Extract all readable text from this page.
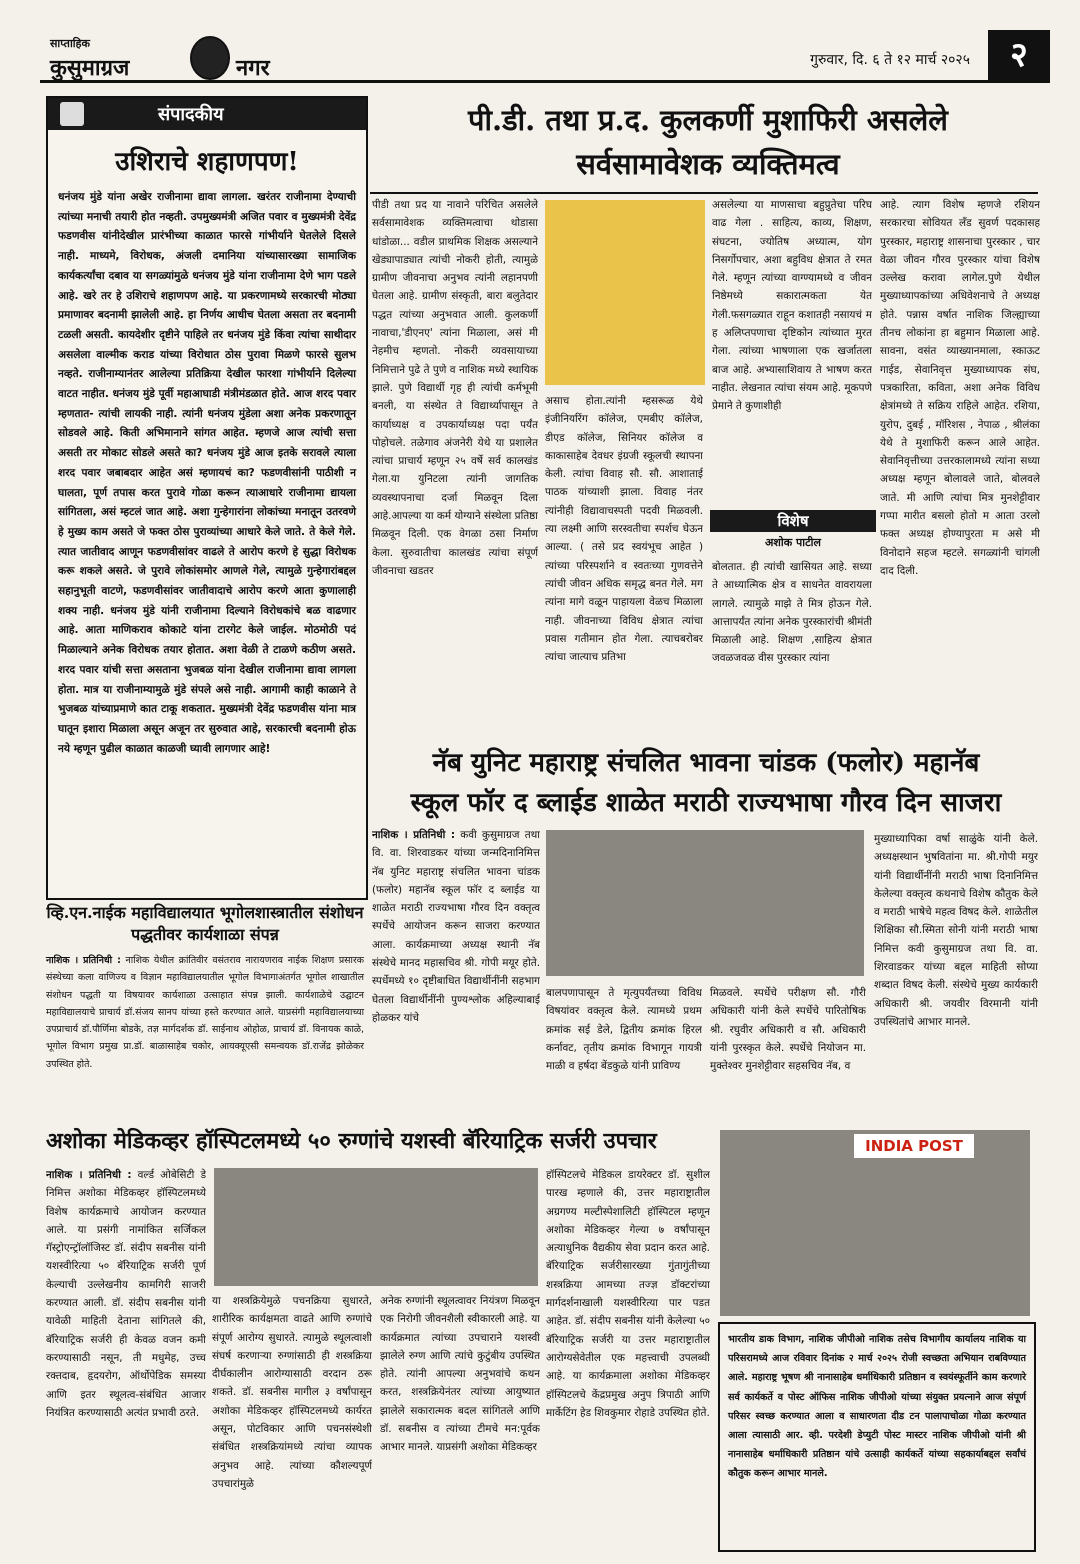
साप्ताहिक
कुसुमाग्रज	नगर	गुरुवार, दि. ६ ते १२ मार्च २०२५	२
संपादकीय
उशिराचे शहाणपण!
धनंजय मुंडे यांना अखेर राजीनामा द्यावा लागला. खरंतर राजीनामा देण्याची त्यांच्या मनाची तयारी होत नव्हती. उपमुख्यमंत्री अजित पवार व मुख्यमंत्री देवेंद्र फडणवीस यांनीदेखील प्रारंभीच्या काळात फारसे गांभीर्याने घेतलेले दिसले नाही. माध्यमे, विरोधक, अंजली दमानिया यांच्यासारख्या सामाजिक कार्यकर्त्यांचा दबाव या सगळ्यांमुळे धनंजय मुंडे यांना राजीनामा देणे भाग पडले आहे. खरे तर हे उशिराचे शहाणपण आहे. या प्रकरणामध्ये सरकारची मोठ्या प्रमाणावर बदनामी झालेली आहे. हा निर्णय आधीच घेतला असता तर बदनामी टळली असती. कायदेशीर दृष्टीने पाहिले तर धनंजय मुंडे किंवा त्यांचा साथीदार असलेला वाल्मीक कराड यांच्या विरोधात ठोस पुरावा मिळणे फारसे सुलभ नव्हते. राजीनाम्यानंतर आलेल्या प्रतिक्रिया देखील फारशा गांभीर्याने दिलेल्या वाटत नाहीत. धनंजय मुंडे पूर्वी महाआघाडी मंत्रीमंडळात होते. आज शरद पवार म्हणतात- त्यांची लायकी नाही. त्यांनी धनंजय मुंडेला अशा अनेक प्रकरणातून सोडवले आहे. किती अभिमानाने सांगत आहेत. म्हणजे आज त्यांची सत्ता असती तर मोकाट सोडले असते का? धनंजय मुंडे आज इतके सरावले त्याला शरद पवार जबाबदार आहेत असं म्हणायचं का? फडणवीसांनी पाठीशी न घालता, पूर्ण तपास करत पुरावे गोळा करून त्याआधारे राजीनामा द्यायला सांगितला, असं म्हटलं जात आहे. अशा गुन्हेगारांना लोकांच्या मनातून उतरवणे हे मुख्य काम असते जे फक्त ठोस पुराव्यांच्या आधारे केले जाते. ते केले गेले. त्यात जातीवाद आणून फडणवीसांवर वाढले ते आरोप करणे हे सुद्धा विरोधक करू शकले असते. जे पुरावे लोकांसमोर आणले गेले, त्यामुळे गुन्हेगारांबद्दल सहानुभूती वाटणे, फडणवीसांवर जातीवादाचे आरोप करणे आता कुणालाही शक्य नाही. धनंजय मुंडे यांनी राजीनामा दिल्याने विरोधकांचे बळ वाढणार आहे. आता माणिकराव कोकाटे यांना टारगेट केले जाईल. मोठमोठी पदं मिळाल्याने अनेक विरोधक तयार होतात. अशा वेळी ते टाळणे कठीण असते. शरद पवार यांची सत्ता असताना भुजबळ यांना देखील राजीनामा द्यावा लागला होता. मात्र या राजीनाम्यामुळे मुंडे संपले असे नाही. आगामी काही काळाने ते भुजबळ यांच्याप्रमाणे कात टाकू शकतात. मुख्यमंत्री देवेंद्र फडणवीस यांना मात्र घातून इशारा मिळाला असून अजून तर सुरुवात आहे, सरकारची बदनामी होऊ नये म्हणून पुढील काळात काळजी घ्यावी लागणार आहे!
व्हि.एन.नाईक महाविद्यालयात भूगोलशास्त्रातील संशोधन पद्धतीवर कार्यशाळा संपन्न
नाशिक । प्रतिनिधी : नाशिक येथील क्रांतिवीर वसंतराव नारायणराव नाईक शिक्षण प्रसारक संस्थेच्या कला वाणिज्य व विज्ञान महाविद्यालयातील भूगोल विभागाअंतर्गत भूगोल शाखातील संशोधन पद्धती या विषयावर कार्यशाळा उत्साहात संपन्न झाली. कार्यशाळेचे उद्घाटन महाविद्यालयाचे प्राचार्य डॉ.संजय सानप यांच्या हस्ते करण्यात आले. याप्रसंगी महाविद्यालयाच्या उपप्राचार्य डॉ.पौर्णिमा बोडके, तज्ञ मार्गदर्शक डॉ. साईनाथ ओहोळ, प्राचार्य डॉ. विनायक काळे, भूगोल विभाग प्रमुख प्रा.डॉ. बाळासाहेब चकोर, आयक्यूएसी समन्वयक डॉ.राजेंद्र झोळेकर उपस्थित होते.
पी.डी. तथा प्र.द. कुलकर्णी मुशाफिरी असलेले
सर्वसामावेशक व्यक्तिमत्व
पीडी तथा प्रद या नावाने परिचित असलेले सर्वसामावेशक व्यक्तिमत्वाचा थोडासा धांडोळा... वडील प्राथमिक शिक्षक असल्याने खेड्यापाड्यात त्यांची नोकरी होती, त्यामुळे ग्रामीण जीवनाचा अनुभव त्यांनी लहानपणी घेतला आहे. ग्रामीण संस्कृती, बारा बलुतेदार पद्धत त्यांच्या अनुभवात आली. कुलकर्णी नावाचा,'डीएनए' त्यांना मिळाला, असं मी नेहमीच म्हणतो. नोकरी व्यवसायाच्या निमित्ताने पुढे ते पुणे व नाशिक मध्ये स्थायिक झाले. पुणे विद्यार्थी गृह ही त्यांची कर्मभूमी बनली, या संस्थेत ते विद्यार्थ्यापासून ते कार्याध्यक्ष व उपकार्याध्यक्ष पदा पर्यंत पोहोचले. तळेगाव अंजनेरी येथे या प्रशालेत त्यांचा प्राचार्य म्हणून २५ वर्षे सर्व कालखंड गेला.या युनिटला त्यांनी जागतिक व्यवस्थापनाचा दर्जा मिळवून दिला आहे.आपल्या या कर्म योग्याने संस्थेला प्रतिष्ठा मिळवून दिली. एक वेगळा ठसा निर्माण केला. सुरुवातीचा कालखंड त्यांचा संपूर्ण जीवनाचा खडतर
असाच होता.त्यांनी म्हसरूळ येथे इंजीनियरिंग कॉलेज, एमबीए कॉलेज, डीएड कॉलेज, सिनियर कॉलेज व काकासाहेब देवधर इंग्रजी स्कूलची स्थापना केली. त्यांचा विवाह सौ. सौ. आशाताई पाठक यांच्याशी झाला. विवाह नंतर त्यांनीही विद्यावाचस्पती पदवी मिळवली. त्या लक्ष्मी आणि सरस्वतीचा स्पर्शच घेऊन आल्या. ( तसे प्रद स्वयंभूच आहेत ) त्यांच्या परिस्पर्शाने व स्वतःच्या गुणवत्तेने त्यांची जीवन अधिक समृद्ध बनत गेले. मग त्यांना मागे वळून पाहायला वेळच मिळाला नाही. जीवनाच्या विविध क्षेत्रात त्यांचा प्रवास गतीमान होत गेला. त्याचबरोबर त्यांचा जात्याच प्रतिभा
असलेल्या या माणसाचा बहुप्रुतेचा परिघ वाढ गेला . साहित्य, काव्य, शिक्षण, संघटना, ज्योतिष अध्यात्म, योग निसर्गोपचार, अशा बहुविध क्षेत्रात ते रमत गेले. म्हणून त्यांच्या वाग्ण्यामध्ये व जीवन निष्ठेमध्ये सकारात्मकता येत गेली.फसगळ्यात राहून कशातही नसायचं म ह अलिप्तपणाचा दृष्टिकोन त्यांच्यात मुरत गेला. त्यांच्या भाषणाला एक खर्जातला बाज आहे. अभ्यासाशिवाय ते भाषण करत नाहीत. लेखनात त्यांचा संयम आहे. मूकपणे प्रेमाने ते कुणाशीही
विशेष
अशोक पाटील
बोलतात. ही त्यांची खासियत आहे. सध्या ते आध्यात्मिक क्षेत्र व साधनेत वावरायला लागले. त्यामुळे माझे ते मित्र होऊन गेले. आत्तापर्यंत त्यांना अनेक पुरस्कारांची श्रीमंती मिळाली आहे. शिक्षण ,साहित्य क्षेत्रात जवळजवळ वीस पुरस्कार त्यांना
आहे. त्याग विशेष म्हणजे रशियन सरकारचा सोवियत लँड सुवर्ण पदकासह पुरस्कार, महाराष्ट्र शासनाचा पुरस्कार , चार वेळा जीवन गौरव पुरस्कार यांचा विशेष उल्लेख करावा लागेल.पुणे येथील मुख्याध्यापकांच्या अधिवेशनाचे ते अध्यक्ष होते. पन्नास वर्षात नाशिक जिल्ह्याच्या तीनच लोकांना हा बहुमान मिळाला आहे. सावना, वसंत व्याख्यानमाला, स्काऊट गाईड, सेवानिवृत्त मुख्याध्यापक संघ, पत्रकारिता, कविता, अशा अनेक विविध क्षेत्रांमध्ये ते सक्रिय राहिले आहेत. रशिया, युरोप, दुबई , मॉरिशस , नेपाळ , श्रीलंका येथे ते मुशाफिरी करून आले आहेत. सेवानिवृत्तीच्या उत्तरकालामध्ये त्यांना सध्या अध्यक्ष म्हणून बोलावले जाते, बोलवले जाते. मी आणि त्यांचा मित्र मुनशेट्टीवार गप्पा मारीत बसलो होतो म आता उरलो फक्त अध्यक्ष होण्यापुरता म असे मी विनोदाने सहज म्हटले. सगळ्यांनी चांगली दाद दिली.
नॅब युनिट महाराष्ट्र संचलित भावना चांडक (फलोर) महानॅब
स्कूल फॉर द ब्लाईड शाळेत मराठी राज्यभाषा गौरव दिन साजरा
नाशिक । प्रतिनिधी : कवी कुसुमाग्रज तथा वि. वा. शिरवाडकर यांच्या जन्मदिनानिमित्त नॅब युनिट महाराष्ट्र संचलित भावना चांडक (फलोर) महानॅब स्कूल फॉर द ब्लाईड या शाळेत मराठी राज्यभाषा गौरव दिन वक्तृत्व स्पर्धेचे आयोजन करून साजरा करण्यात आला. कार्यक्रमाच्या अध्यक्ष स्थानी नॅब संस्थेचे मानद महासचिव श्री. गोपी मयूर होते. स्पर्धेमध्ये १० दृष्टीबाधित विद्यार्थीनींनी सहभाग घेतला विद्यार्थीनींनी पुण्यश्लोक अहिल्याबाई होळकर यांचे
बालपणापासून ते मृत्युपर्यंतच्या विविध विषयांवर वक्तृत्व केले. त्यामध्ये प्रथम क्रमांक सई डेले, द्वितीय क्रमांक हिरल कर्नावट, तृतीय क्रमांक विभागून गायत्री माळी व हर्षदा बेंडकुळे यांनी प्राविण्य
मिळवले. स्पर्धेचे परीक्षण सौ. गौरी अधिकारी यांनी केले स्पर्धेचे पारितोषिक श्री. रघुवीर अधिकारी व सौ. अधिकारी यांनी पुरस्कृत केले. स्पर्धेचे नियोजन मा. मुक्तेश्वर मुनशेट्टीवार सहसचिव नॅब, व
मुख्याध्यापिका वर्षा साळुंके यांनी केले. अध्यक्षस्थान भुषवितांना मा. श्री.गोपी मयुर यांनी विद्यार्थीनींनी मराठी भाषा दिनानिमित्त केलेल्या वक्तृत्व कथनाचे विशेष कौतुक केले व मराठी भाषेचे महत्व विषद केले. शाळेतील शिक्षिका सौ.स्मिता सोनी यांनी मराठी भाषा निमित्त कवी कुसुमाग्रज तथा वि. वा. शिरवाडकर यांच्या बद्दल माहिती सोप्या शब्दात विषद केली. संस्थेचे मुख्य कार्यकारी अधिकारी श्री. जयवीर विरमानी यांनी उपस्थितांचे आभार मानले.
अशोका मेडिकव्हर हॉस्पिटलमध्ये ५० रुग्णांचे यशस्वी बॅरियाट्रिक सर्जरी उपचार
नाशिक । प्रतिनिधी : वर्ल्ड ओबेसिटी डे निमित्त अशोका मेडिकव्हर हॉस्पिटलमध्ये विशेष कार्यक्रमाचे आयोजन करण्यात आले. या प्रसंगी नामांकित सर्जिकल गॅस्ट्रोएन्ट्रॉलॉजिस्ट डॉ. संदीप सबनीस यांनी यशस्वीरित्या ५० बॅरियाट्रिक सर्जरी पूर्ण केल्याची उल्लेखनीय कामगिरी साजरी करण्यात आली. डॉ. संदीप सबनीस यांनी यावेळी माहिती देताना सांगितले की, बॅरियाट्रिक सर्जरी ही केवळ वजन कमी करण्यासाठी नसून, ती मधुमेह, उच्च रक्तदाब, हृदयरोग, ऑर्थोपेडिक समस्या आणि इतर स्थूलत्व-संबंधित आजार नियंत्रित करण्यासाठी अत्यंत प्रभावी ठरते.
या शस्त्रक्रियेमुळे पचनक्रिया सुधारते, शारीरिक कार्यक्षमता वाढते आणि रुग्णांचे संपूर्ण आरोग्य सुधारते. त्यामुळे स्थूलत्वाशी संघर्ष करणाऱ्या रुग्णांसाठी ही शस्त्रक्रिया दीर्घकालीन आरोग्यासाठी वरदान ठरू शकते. डॉ. सबनीस मागील ३ वर्षांपासून अशोका मेडिकव्हर हॉस्पिटलमध्ये कार्यरत असून, पोटविकार आणि पचनसंस्थेशी संबंधित शस्त्रक्रियांमध्ये त्यांचा व्यापक अनुभव आहे. त्यांच्या कौशल्यपूर्ण उपचारांमुळे
अनेक रुग्णांनी स्थूलत्वावर नियंत्रण मिळवून एक निरोगी जीवनशैली स्वीकारली आहे. या कार्यक्रमात त्यांच्या उपचाराने यशस्वी झालेले रुग्ण आणि त्यांचे कुटुंबीय उपस्थित होते. त्यांनी आपल्या अनुभवांचे कथन करत, शस्त्रक्रियेनंतर त्यांच्या आयुष्यात झालेले सकारात्मक बदल सांगितले आणि डॉ. सबनीस व त्यांच्या टीमचे मन:पूर्वक आभार मानले. याप्रसंगी अशोका मेडिकव्हर
हॉस्पिटलचे मेडिकल डायरेक्टर डॉ. सुशील पारख म्हणाले की, उत्तर महाराष्ट्रातील अग्रगण्य मल्टीस्पेशालिटी हॉस्पिटल म्हणून अशोका मेडिकव्हर गेल्या ७ वर्षांपासून अत्याधुनिक वैद्यकीय सेवा प्रदान करत आहे. बॅरियाट्रिक सर्जरीसारख्या गुंतागुंतीच्या शस्त्रक्रिया आमच्या तज्ज्ञ डॉक्टरांच्या मार्गदर्शनाखाली यशस्वीरित्या पार पडत आहेत. डॉ. संदीप सबनीस यांनी केलेल्या ५० बॅरियाट्रिक सर्जरी या उत्तर महाराष्ट्रातील आरोग्यसेवेतील एक महत्त्वाची उपलब्धी आहे. या कार्यक्रमाला अशोका मेडिकव्हर हॉस्पिटलचे केंद्रप्रमुख अनुप त्रिपाठी आणि मार्केटिंग हेड शिवकुमार रोहाडे उपस्थित होते.
INDIA POST
भारतीय डाक विभाग, नाशिक जीपीओ नाशिक तसेच विभागीय कार्यालय नाशिक या परिसरामध्ये आज रविवार दिनांक २ मार्च २०२५ रोजी स्वच्छता अभियान राबविण्यात आले. महाराष्ट्र भूषण श्री नानासाहेब धर्माधिकारी प्रतिष्ठान व स्वयंस्फूर्तीने काम करणारे सर्व कार्यकर्ते व पोस्ट ऑफिस नाशिक जीपीओ यांच्या संयुक्त प्रयत्नाने आज संपूर्ण परिसर स्वच्छ करण्यात आला व साधारणता दीड टन पालापाचोळा गोळा करण्यात आला त्यासाठी आर. व्ही. परदेशी डेप्युटी पोस्ट मास्टर नाशिक जीपीओ यांनी श्री नानासाहेब धर्माधिकारी प्रतिष्ठान यांचे उत्साही कार्यकर्ते यांच्या सहकार्याबद्दल सर्वांचं कौतुक करून आभार मानले.
